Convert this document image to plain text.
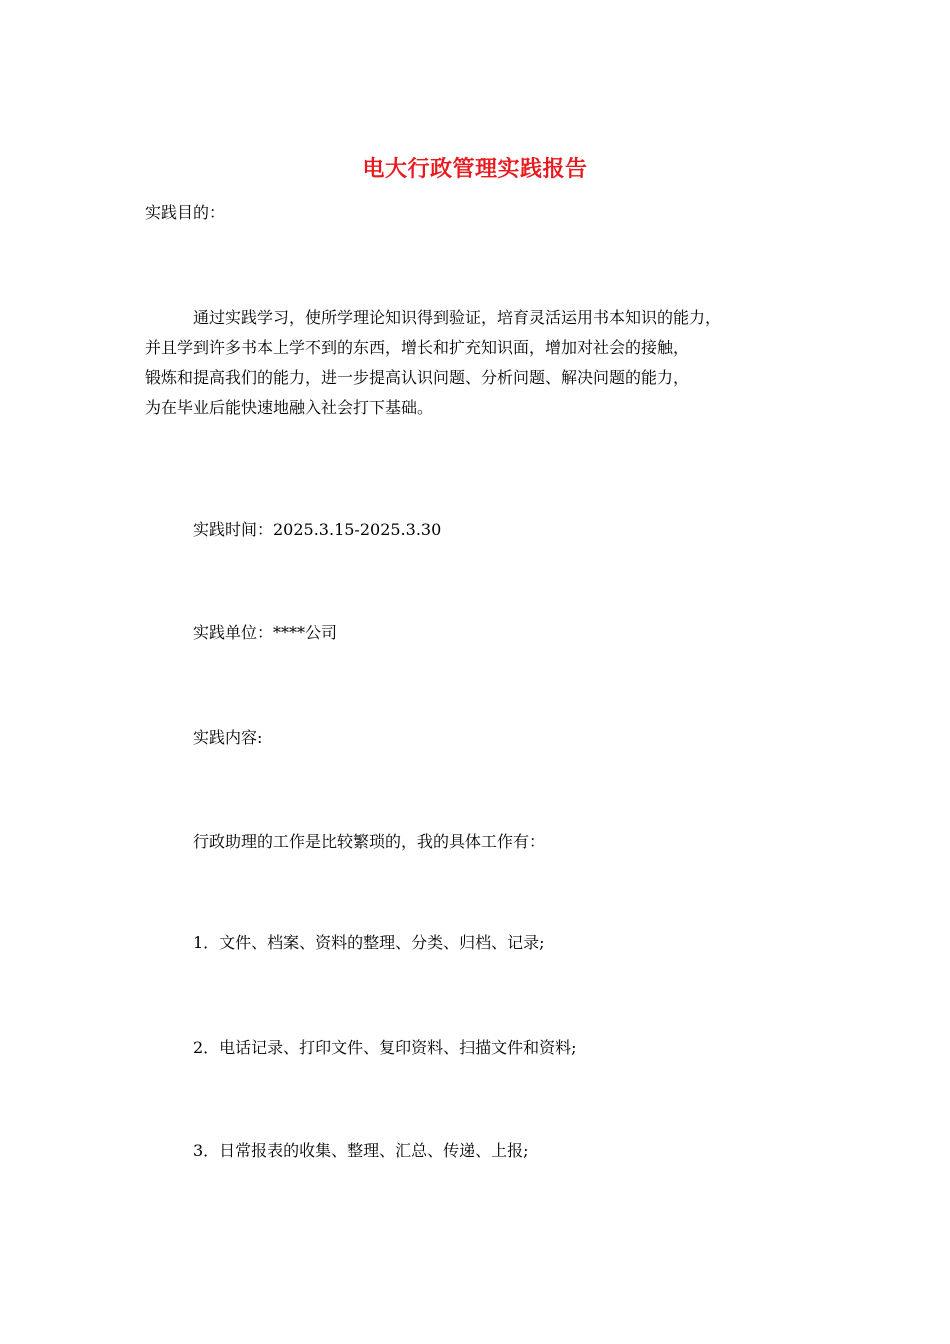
电大行政管理实践报告
实践目的：
通过实践学习，使所学理论知识得到验证，培育灵活运用书本知识的能力，
并且学到许多书本上学不到的东西，增长和扩充知识面，增加对社会的接触，
锻炼和提高我们的能力，进一步提高认识问题、分析问题、解决问题的能力，
为在毕业后能快速地融入社会打下基础。
实践时间：2025.3.15-2025.3.30
实践单位：****公司
实践内容:
行政助理的工作是比较繁琐的，我的具体工作有：
1．文件、档案、资料的整理、分类、归档、记录;
2．电话记录、打印文件、复印资料、扫描文件和资料;
3．日常报表的收集、整理、汇总、传递、上报;
